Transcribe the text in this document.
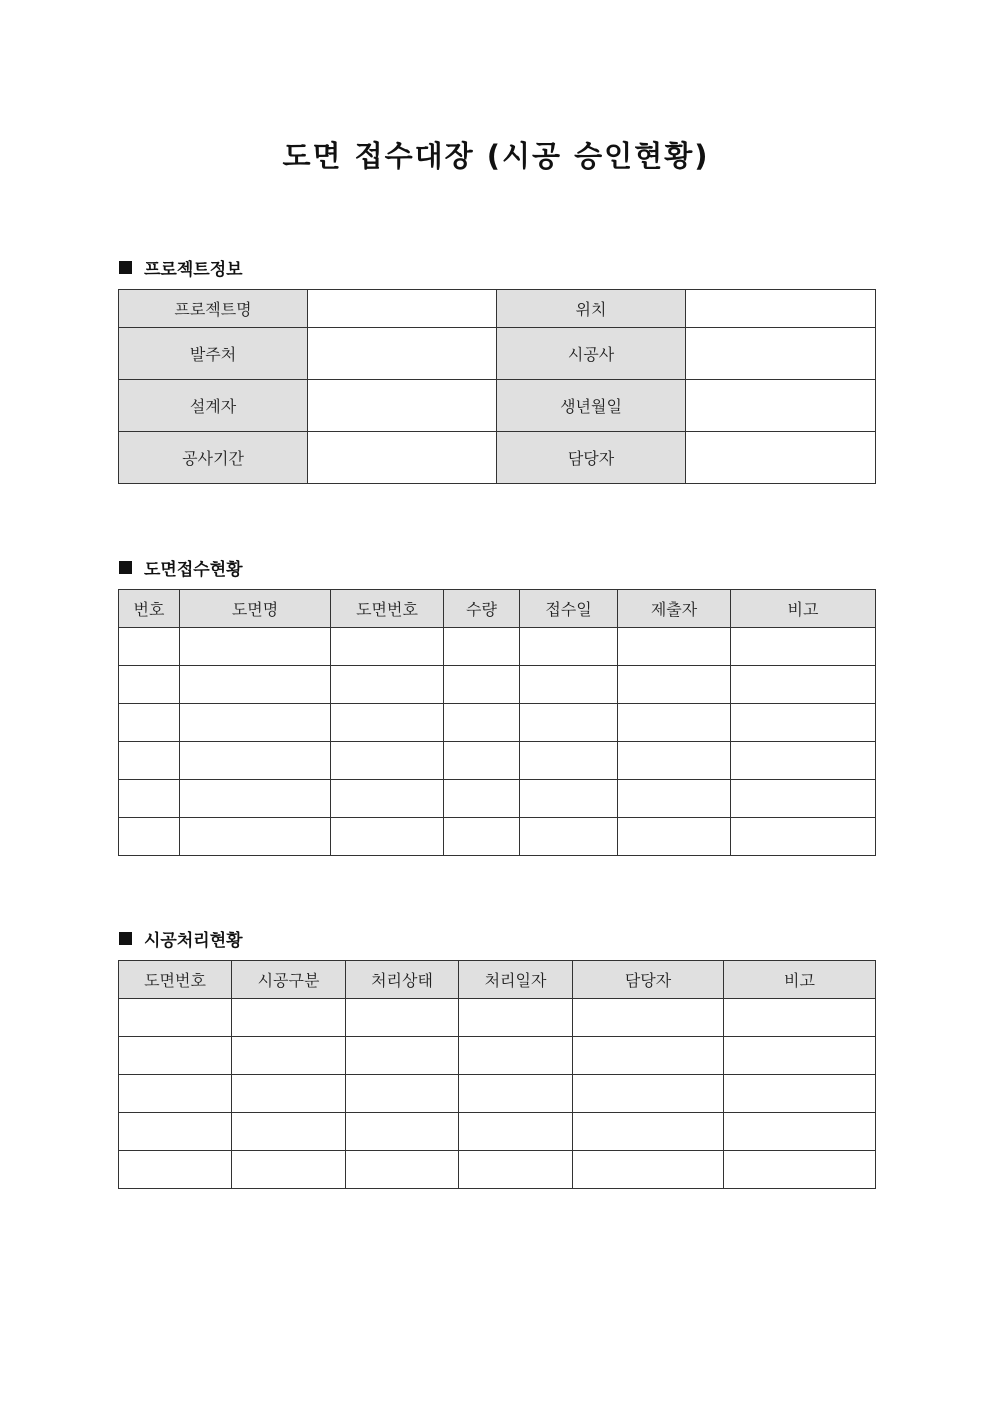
도면 접수대장 (시공 승인현황)
프로젝트정보
프로젝트명		위치	
발주처		시공사	
설계자		생년월일	
공사기간		담당자	
도면접수현황
번호	도면명	도면번호	수량	접수일	제출자	비고

시공처리현황
도면번호	시공구분	처리상태	처리일자	담당자	비고
